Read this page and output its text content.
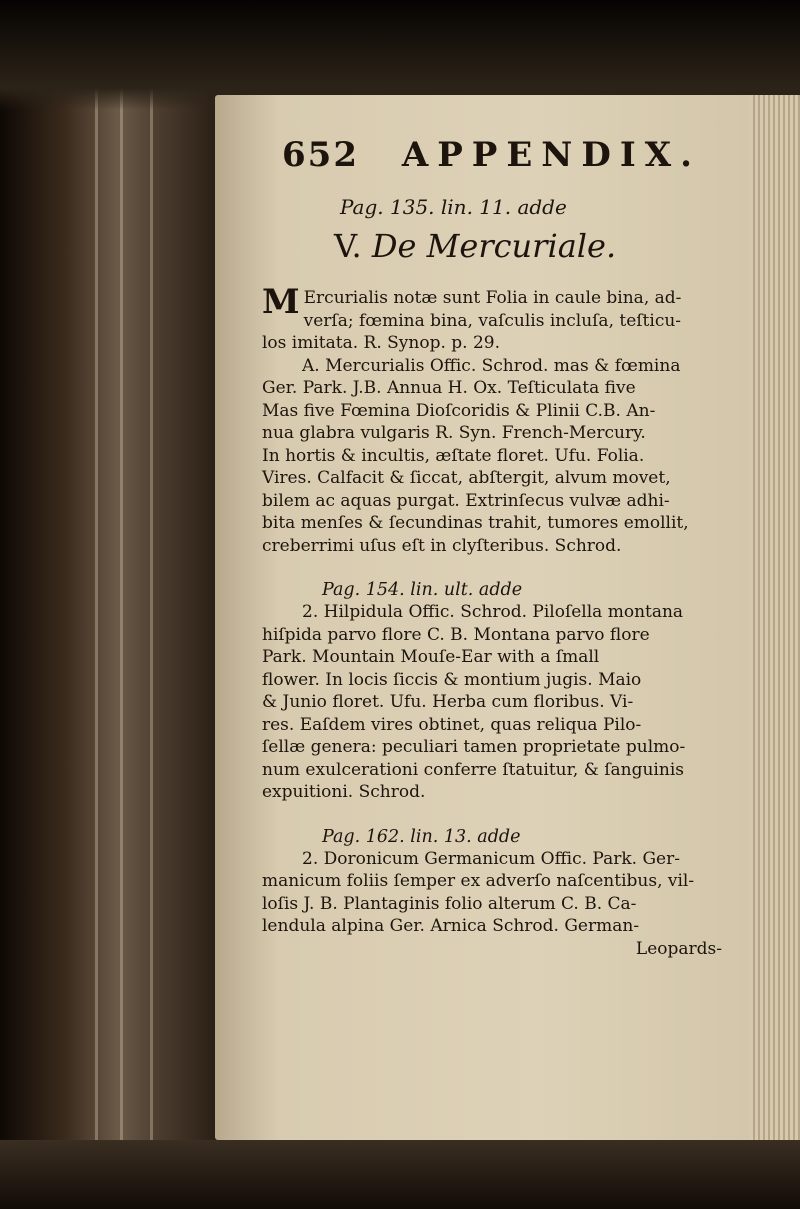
652 APPENDIX.
Pag. 135. lin. 11. adde
V. De Mercuriale.
M Ercurialis notæ sunt Folia in caule bina, ad-
verſa; fœmina bina, vaſculis incluſa, teſticu-
los imitata. R. Synop. p. 29.
A. Mercurialis Offic. Schrod. mas & fœmina
Ger. Park. J.B. Annua H. Ox. Teſticulata five
Mas five Fœmina Dioſcoridis & Plinii C.B. An-
nua glabra vulgaris R. Syn. French-Mercury.
In hortis & incultis, æſtate floret. Ufu. Folia.
Vires. Calfacit & ſiccat, abſtergit, alvum movet,
bilem ac aquas purgat. Extrinſecus vulvæ adhi-
bita menſes & ſecundinas trahit, tumores emollit,
creberrimi uſus eſt in clyſteribus. Schrod.
Pag. 154. lin. ult. adde
2. Hilpidula Offic. Schrod. Piloſella montana
hiſpida parvo flore C. B. Montana parvo flore
Park. Mountain Mouſe-Ear with a ſmall
flower. In locis ſiccis & montium jugis. Maio
& Junio floret. Ufu. Herba cum floribus. Vi-
res. Eaſdem vires obtinet, quas reliqua Pilo-
ſellæ genera: peculiari tamen proprietate pulmo-
num exulcerationi conferre ſtatuitur, & ſanguinis
expuitioni. Schrod.
Pag. 162. lin. 13. adde
2. Doronicum Germanicum Offic. Park. Ger-
manicum foliis ſemper ex adverſo naſcentibus, vil-
loſis J. B. Plantaginis folio alterum C. B. Ca-
lendula alpina Ger. Arnica Schrod. German-
Leopards-
